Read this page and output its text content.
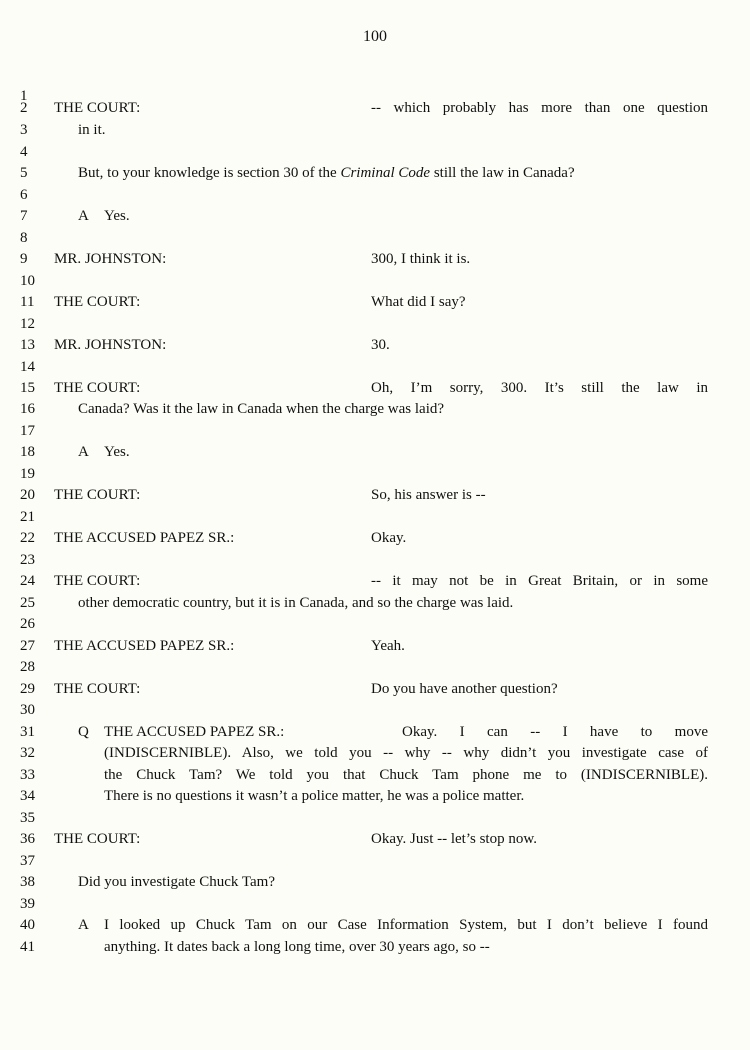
100
1
2	THE COURT:	-- which probably has more than one question
3	in it.
4
5	But, to your knowledge is section 30 of the Criminal Code still the law in Canada?
6
7	A Yes.
8
9	MR. JOHNSTON:	300, I think it is.
10
11	THE COURT:	What did I say?
12
13	MR. JOHNSTON:	30.
14
15	THE COURT:	Oh, I’m sorry, 300. It’s still the law in
16	Canada? Was it the law in Canada when the charge was laid?
17
18	A Yes.
19
20	THE COURT:	So, his answer is --
21
22	THE ACCUSED PAPEZ SR.:	Okay.
23
24	THE COURT:	-- it may not be in Great Britain, or in some
25	other democratic country, but it is in Canada, and so the charge was laid.
26
27	THE ACCUSED PAPEZ SR.:	Yeah.
28
29	THE COURT:	Do you have another question?
30
31	Q THE ACCUSED PAPEZ SR.:	Okay. I can -- I have to move
32	(INDISCERNIBLE). Also, we told you -- why -- why didn’t you investigate case of
33	the Chuck Tam? We told you that Chuck Tam phone me to (INDISCERNIBLE).
34	There is no questions it wasn’t a police matter, he was a police matter.
35
36	THE COURT:	Okay. Just -- let’s stop now.
37
38	Did you investigate Chuck Tam?
39
40	A I looked up Chuck Tam on our Case Information System, but I don’t believe I found
41	anything. It dates back a long long time, over 30 years ago, so --
